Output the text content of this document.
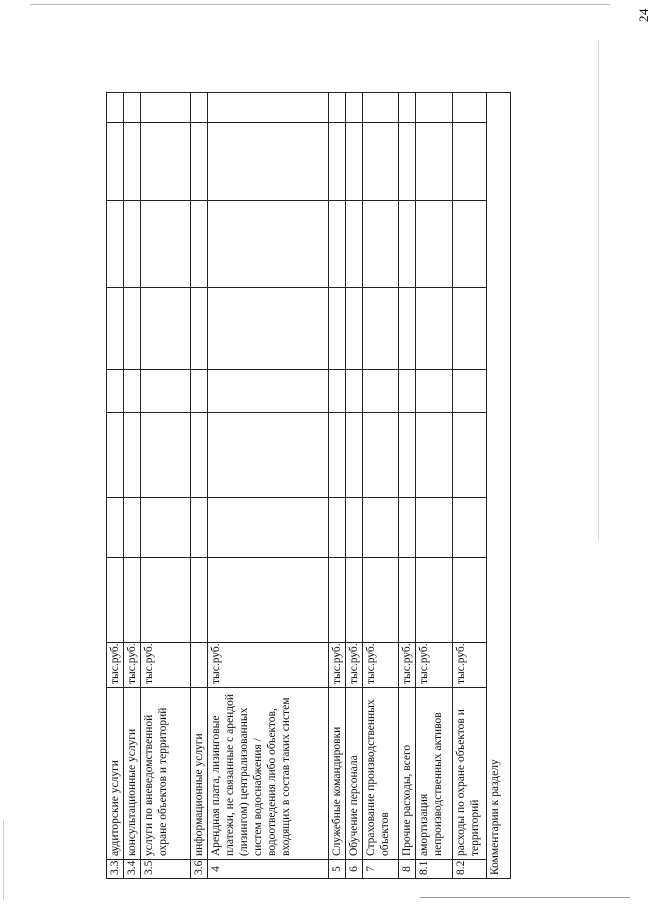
24
3.3	аудиторские услуги	тыс.руб.								
3.4	консультационные услуги	тыс.руб.								
3.5	услуги по вневедомственной охране объектов и территорий	тыс.руб.								
3.6	информационные услуги									
4	Арендная плата, лизинговые платежи, не связанные с арендой (лизингом) централизованных систем водоснабжения / водоотведения либо объектов, входящих в состав таких систем	тыс.руб.								
5	Служебные командировки	тыс.руб.								
6	Обучение персонала	тыс.руб.								
7	Страхование производственных объектов	тыс.руб.								
8	Прочие расходы, всего	тыс.руб.								
8.1	амортизация непроизводственных активов	тыс.руб.								
8.2	расходы по охране объектов и территорий	тыс.руб.								
Комментарии к разделу										
